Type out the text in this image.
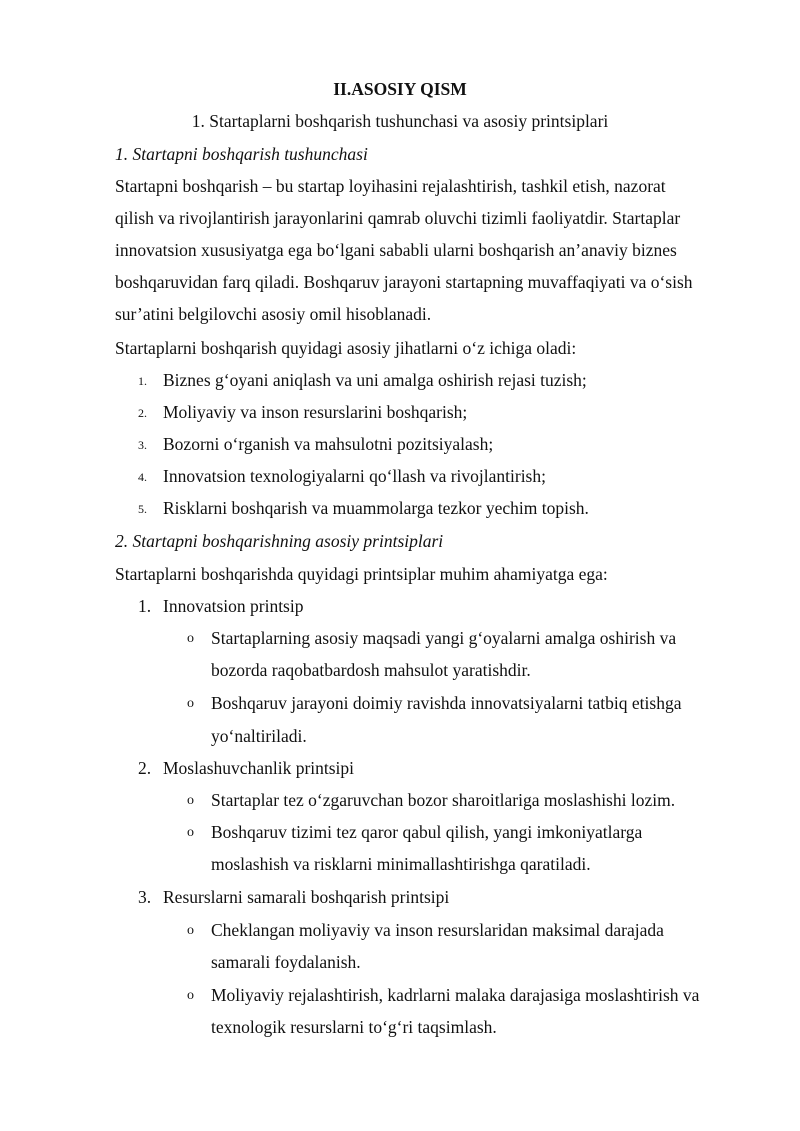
II.ASOSIY QISM
1. Startaplarni boshqarish tushunchasi va asosiy printsiplari
1. Startapni boshqarish tushunchasi
Startapni boshqarish – bu startap loyihasini rejalashtirish, tashkil etish, nazorat
qilish va rivojlantirish jarayonlarini qamrab oluvchi tizimli faoliyatdir. Startaplar
innovatsion xususiyatga ega bo‘lgani sababli ularni boshqarish an’anaviy biznes
boshqaruvidan farq qiladi. Boshqaruv jarayoni startapning muvaffaqiyati va o‘sish
sur’atini belgilovchi asosiy omil hisoblanadi.
Startaplarni boshqarish quyidagi asosiy jihatlarni o‘z ichiga oladi:
1. Biznes g‘oyani aniqlash va uni amalga oshirish rejasi tuzish;
2. Moliyaviy va inson resurslarini boshqarish;
3. Bozorni o‘rganish va mahsulotni pozitsiyalash;
4. Innovatsion texnologiyalarni qo‘llash va rivojlantirish;
5. Risklarni boshqarish va muammolarga tezkor yechim topish.
2. Startapni boshqarishning asosiy printsiplari
Startaplarni boshqarishda quyidagi printsiplar muhim ahamiyatga ega:
1. Innovatsion printsip
o Startaplarning asosiy maqsadi yangi g‘oyalarni amalga oshirish va
bozorda raqobatbardosh mahsulot yaratishdir.
o Boshqaruv jarayoni doimiy ravishda innovatsiyalarni tatbiq etishga
yo‘naltiriladi.
2. Moslashuvchanlik printsipi
o Startaplar tez o‘zgaruvchan bozor sharoitlariga moslashishi lozim.
o Boshqaruv tizimi tez qaror qabul qilish, yangi imkoniyatlarga
moslashish va risklarni minimallashtirishga qaratiladi.
3. Resurslarni samarali boshqarish printsipi
o Cheklangan moliyaviy va inson resurslaridan maksimal darajada
samarali foydalanish.
o Moliyaviy rejalashtirish, kadrlarni malaka darajasiga moslashtirish va
texnologik resurslarni to‘g‘ri taqsimlash.
